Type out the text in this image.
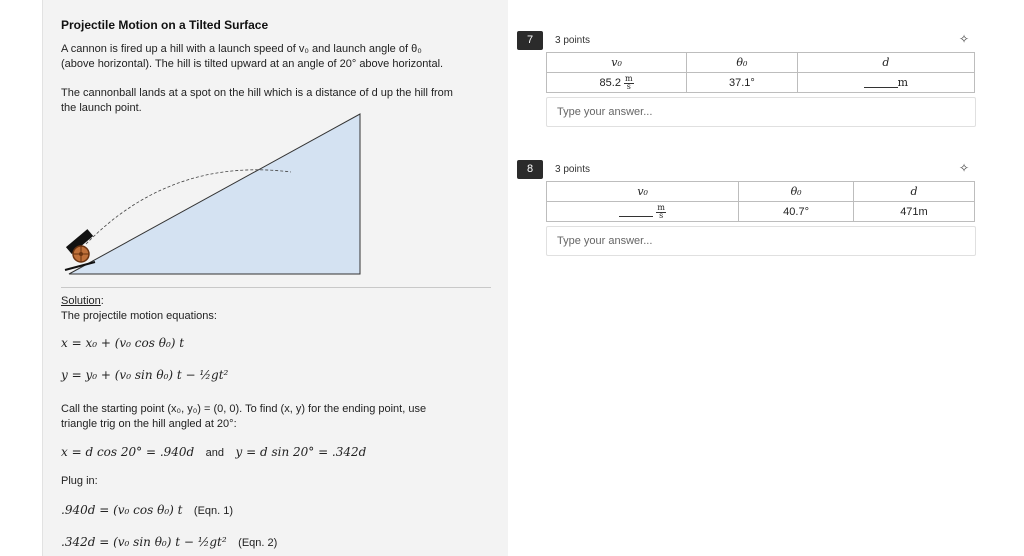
Projectile Motion on a Tilted Surface
A cannon is fired up a hill with a launch speed of v₀ and launch angle of θ₀
(above horizontal). The hill is tilted upward at an angle of 20° above horizontal.
The cannonball lands at a spot on the hill which is a distance of d up the hill from
the launch point.
Solution:
The projectile motion equations:
x = x₀ + (v₀ cos θ₀) t
y = y₀ + (v₀ sin θ₀) t − ½gt²
Call the starting point (x₀, y₀) = (0, 0). To find (x, y) for the ending point, use
triangle trig on the hill angled at 20°:
x = d cos 20° = .940d and y = d sin 20° = .342d
Plug in:
.940d = (v₀ cos θ₀) t (Eqn. 1)
.342d = (v₀ sin θ₀) t − ½gt² (Eqn. 2)
7	3 points	✧
v₀	θ₀	d
$85.2 \frac{m}{s}$	37.1°	m
Type your answer...
8	3 points	✧
v₀	θ₀	d
$\frac{m}{s}$	40.7°	471m
Type your answer...
